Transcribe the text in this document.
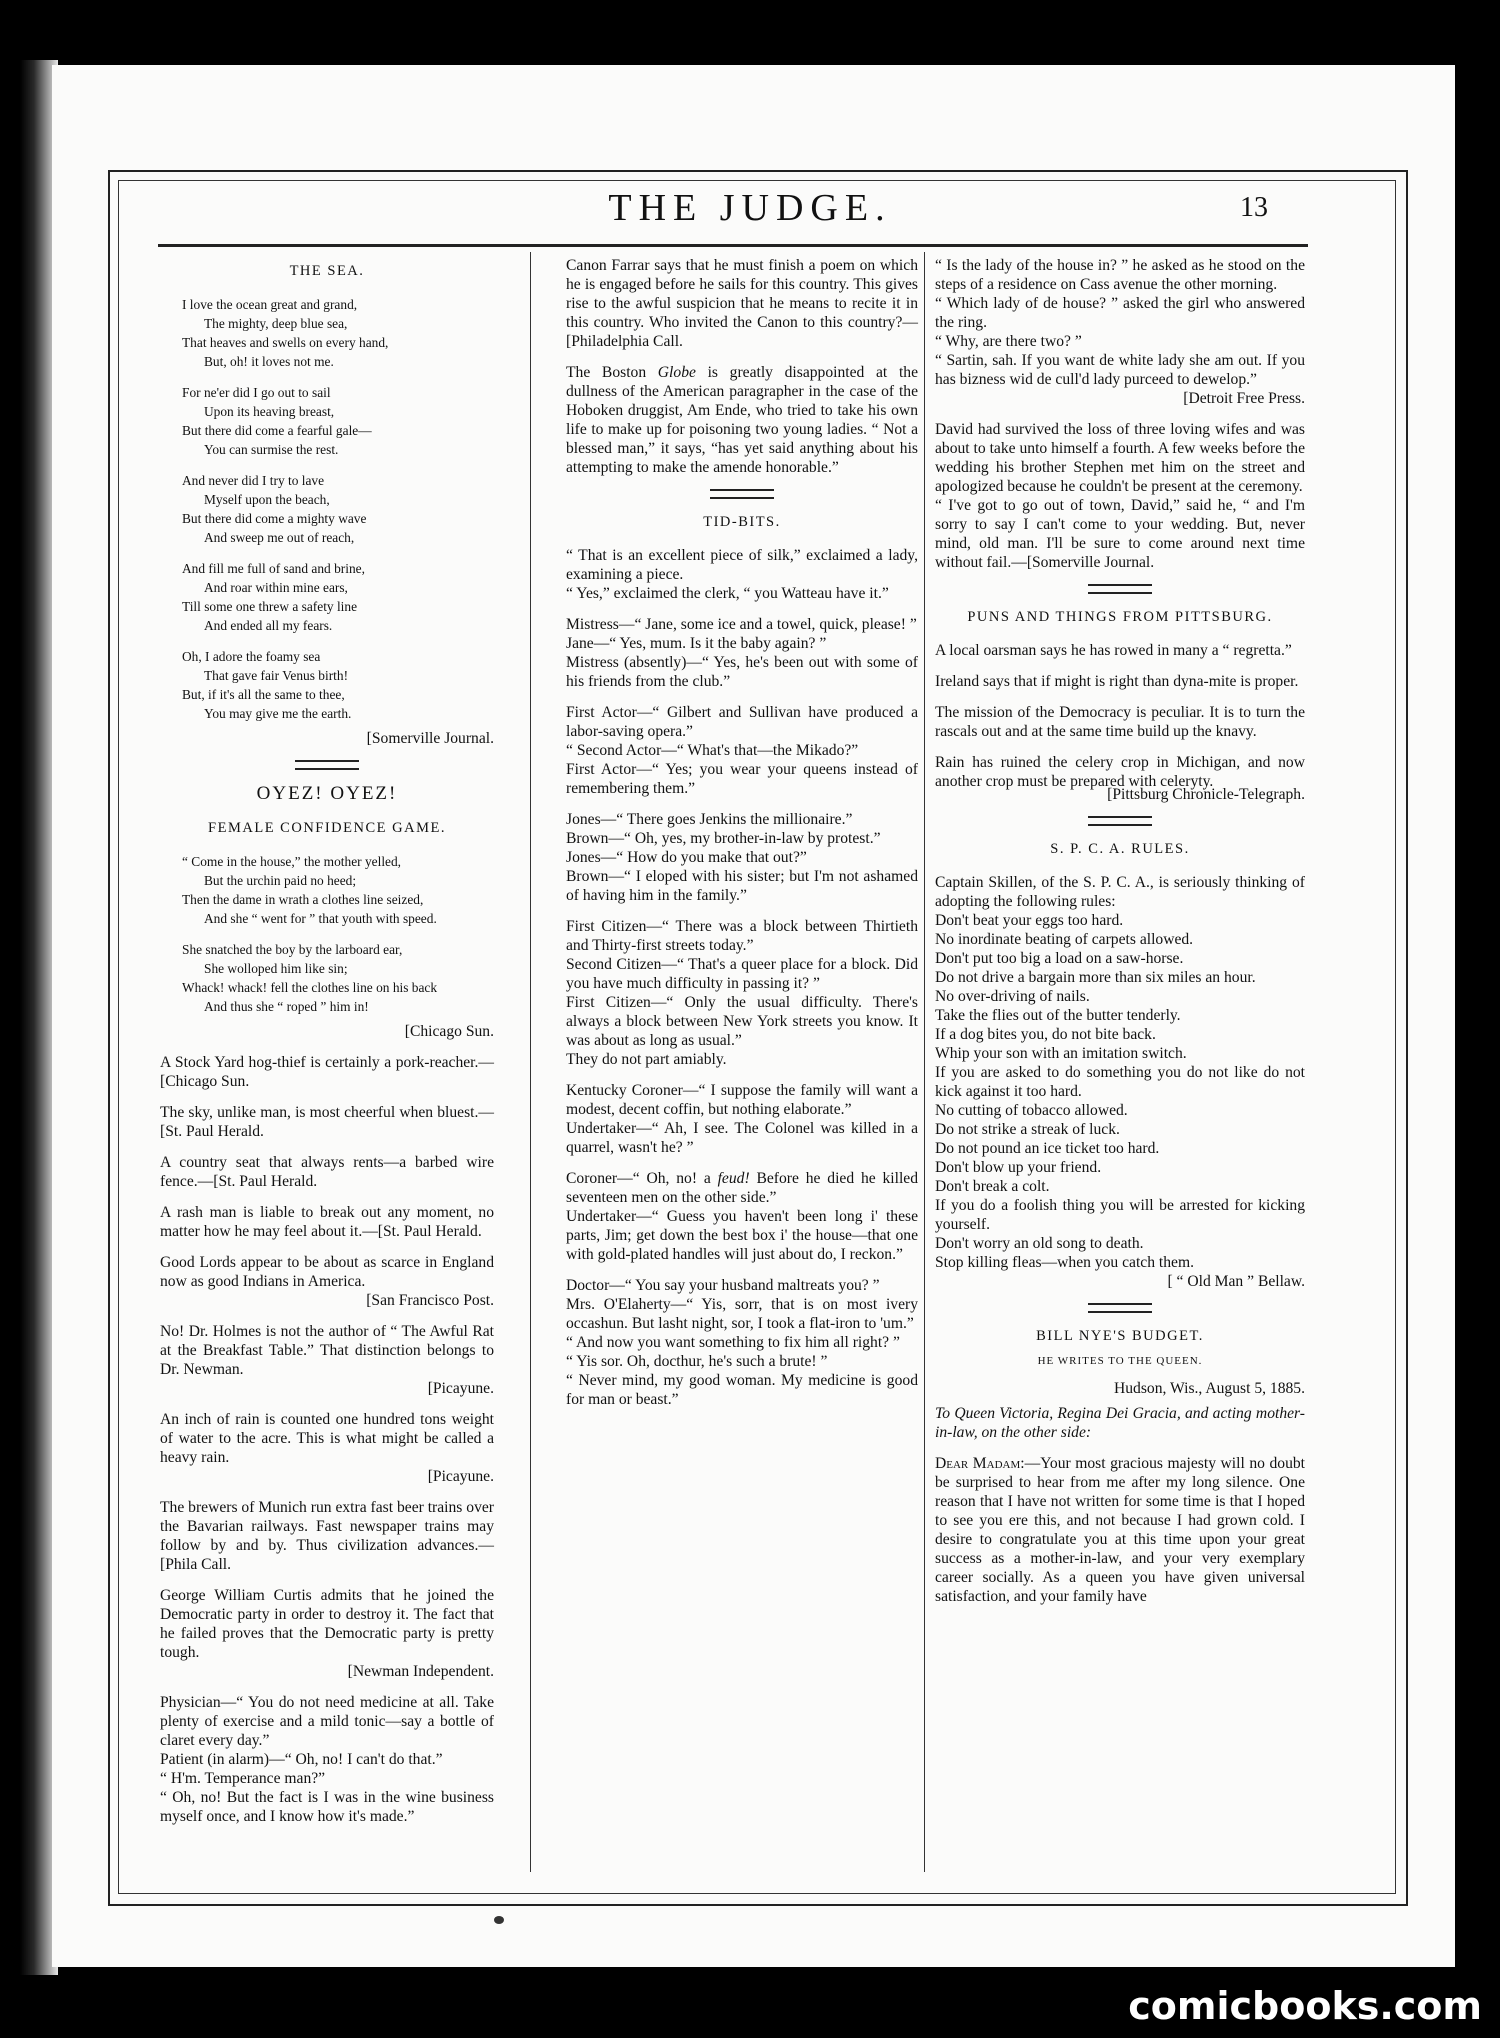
THE JUDGE.	13
THE SEA.
I love the ocean great and grand,
The mighty, deep blue sea,
That heaves and swells on every hand,
But, oh! it loves not me.
For ne'er did I go out to sail
Upon its heaving breast,
But there did come a fearful gale—
You can surmise the rest.
And never did I try to lave
Myself upon the beach,
But there did come a mighty wave
And sweep me out of reach,
And fill me full of sand and brine,
And roar within mine ears,
Till some one threw a safety line
And ended all my fears.
Oh, I adore the foamy sea
That gave fair Venus birth!
But, if it's all the same to thee,
You may give me the earth.
[Somerville Journal.
OYEZ! OYEZ!
FEMALE CONFIDENCE GAME.
“ Come in the house,” the mother yelled,
But the urchin paid no heed;
Then the dame in wrath a clothes line seized,
And she “ went for ” that youth with speed.
She snatched the boy by the larboard ear,
She wolloped him like sin;
Whack! whack! fell the clothes line on his back
And thus she “ roped ” him in!
[Chicago Sun.

A Stock Yard hog-thief is certainly a pork-reacher.—[Chicago Sun.

The sky, unlike man, is most cheerful when bluest.—[St. Paul Herald.

A country seat that always rents—a barbed wire fence.—[St. Paul Herald.

A rash man is liable to break out any moment, no matter how he may feel about it.—[St. Paul Herald.

Good Lords appear to be about as scarce in England now as good Indians in America.

[San Francisco Post.

No! Dr. Holmes is not the author of “ The Awful Rat at the Breakfast Table.” That distinction belongs to Dr. Newman.

[Picayune.

An inch of rain is counted one hundred tons weight of water to the acre. This is what might be called a heavy rain.

[Picayune.

The brewers of Munich run extra fast beer trains over the Bavarian railways. Fast newspaper trains may follow by and by. Thus civilization advances.—[Phila Call.

George William Curtis admits that he joined the Democratic party in order to destroy it. The fact that he failed proves that the Democratic party is pretty tough.

[Newman Independent.

Physician—“ You do not need medicine at all. Take plenty of exercise and a mild tonic—say a bottle of claret every day.”

Patient (in alarm)—“ Oh, no! I can't do that.”

“ H'm. Temperance man?”

“ Oh, no! But the fact is I was in the wine business myself once, and I know how it's made.”

Canon Farrar says that he must finish a poem on which he is engaged before he sails for this country. This gives rise to the awful suspicion that he means to recite it in this country. Who invited the Canon to this country?—[Philadelphia Call.

The Boston Globe is greatly disappointed at the dullness of the American paragrapher in the case of the Hoboken druggist, Am Ende, who tried to take his own life to make up for poisoning two young ladies. “ Not a blessed man,” it says, “has yet said anything about his attempting to make the amende honorable.”

TID-BITS.

“ That is an excellent piece of silk,” exclaimed a lady, examining a piece.

“ Yes,” exclaimed the clerk, “ you Watteau have it.”

Mistress—“ Jane, some ice and a towel, quick, please! ”

Jane—“ Yes, mum. Is it the baby again? ”

Mistress (absently)—“ Yes, he's been out with some of his friends from the club.”

First Actor—“ Gilbert and Sullivan have produced a labor-saving opera.”

“ Second Actor—“ What's that—the Mikado?”

First Actor—“ Yes; you wear your queens instead of remembering them.”

Jones—“ There goes Jenkins the millionaire.”

Brown—“ Oh, yes, my brother-in-law by protest.”

Jones—“ How do you make that out?”

Brown—“ I eloped with his sister; but I'm not ashamed of having him in the family.”

First Citizen—“ There was a block between Thirtieth and Thirty-first streets today.”

Second Citizen—“ That's a queer place for a block. Did you have much difficulty in passing it? ”

First Citizen—“ Only the usual difficulty. There's always a block between New York streets you know. It was about as long as usual.”

They do not part amiably.

Kentucky Coroner—“ I suppose the family will want a modest, decent coffin, but nothing elaborate.”

Undertaker—“ Ah, I see. The Colonel was killed in a quarrel, wasn't he? ”

Coroner—“ Oh, no! a feud! Before he died he killed seventeen men on the other side.”

Undertaker—“ Guess you haven't been long i' these parts, Jim; get down the best box i' the house—that one with gold-plated handles will just about do, I reckon.”

Doctor—“ You say your husband maltreats you? ”

Mrs. O'Elaherty—“ Yis, sorr, that is on most ivery occashun. But lasht night, sor, I took a flat-iron to 'um.”

“ And now you want something to fix him all right? ”

“ Yis sor. Oh, docthur, he's such a brute! ”

“ Never mind, my good woman. My medicine is good for man or beast.”

“ Is the lady of the house in? ” he asked as he stood on the steps of a residence on Cass avenue the other morning.

“ Which lady of de house? ” asked the girl who answered the ring.

“ Why, are there two? ”

“ Sartin, sah. If you want de white lady she am out. If you has bizness wid de cull'd lady purceed to dewelop.”

[Detroit Free Press.

David had survived the loss of three loving wifes and was about to take unto himself a fourth. A few weeks before the wedding his brother Stephen met him on the street and apologized because he couldn't be present at the ceremony.

“ I've got to go out of town, David,” said he, “ and I'm sorry to say I can't come to your wedding. But, never mind, old man. I'll be sure to come around next time without fail.—[Somerville Journal.

PUNS AND THINGS FROM PITTSBURG.

A local oarsman says he has rowed in many a “ regretta.”

Ireland says that if might is right than dyna-mite is proper.

The mission of the Democracy is peculiar. It is to turn the rascals out and at the same time build up the knavy.

Rain has ruined the celery crop in Michigan, and now another crop must be prepared with celeryty.

[Pittsburg Chronicle-Telegraph.
S. P. C. A. RULES.

Captain Skillen, of the S. P. C. A., is seriously thinking of adopting the following rules:

Don't beat your eggs too hard.

No inordinate beating of carpets allowed.

Don't put too big a load on a saw-horse.

Do not drive a bargain more than six miles an hour.

No over-driving of nails.

Take the flies out of the butter tenderly.

If a dog bites you, do not bite back.

Whip your son with an imitation switch.

If you are asked to do something you do not like do not kick against it too hard.

No cutting of tobacco allowed.

Do not strike a streak of luck.

Do not pound an ice ticket too hard.

Don't blow up your friend.

Don't break a colt.

If you do a foolish thing you will be arrested for kicking yourself.

Don't worry an old song to death.

Stop killing fleas—when you catch them.

[ “ Old Man ” Bellaw.
BILL NYE'S BUDGET.
HE WRITES TO THE QUEEN.
Hudson, Wis., August 5, 1885.

To Queen Victoria, Regina Dei Gracia, and acting mother-in-law, on the other side:

Dear Madam:—Your most gracious majesty will no doubt be surprised to hear from me after my long silence. One reason that I have not written for some time is that I hoped to see you ere this, and not because I had grown cold. I desire to congratulate you at this time upon your great success as a mother-in-law, and your very exemplary career socially. As a queen you have given universal satisfaction, and your family have

comicbooks.com
